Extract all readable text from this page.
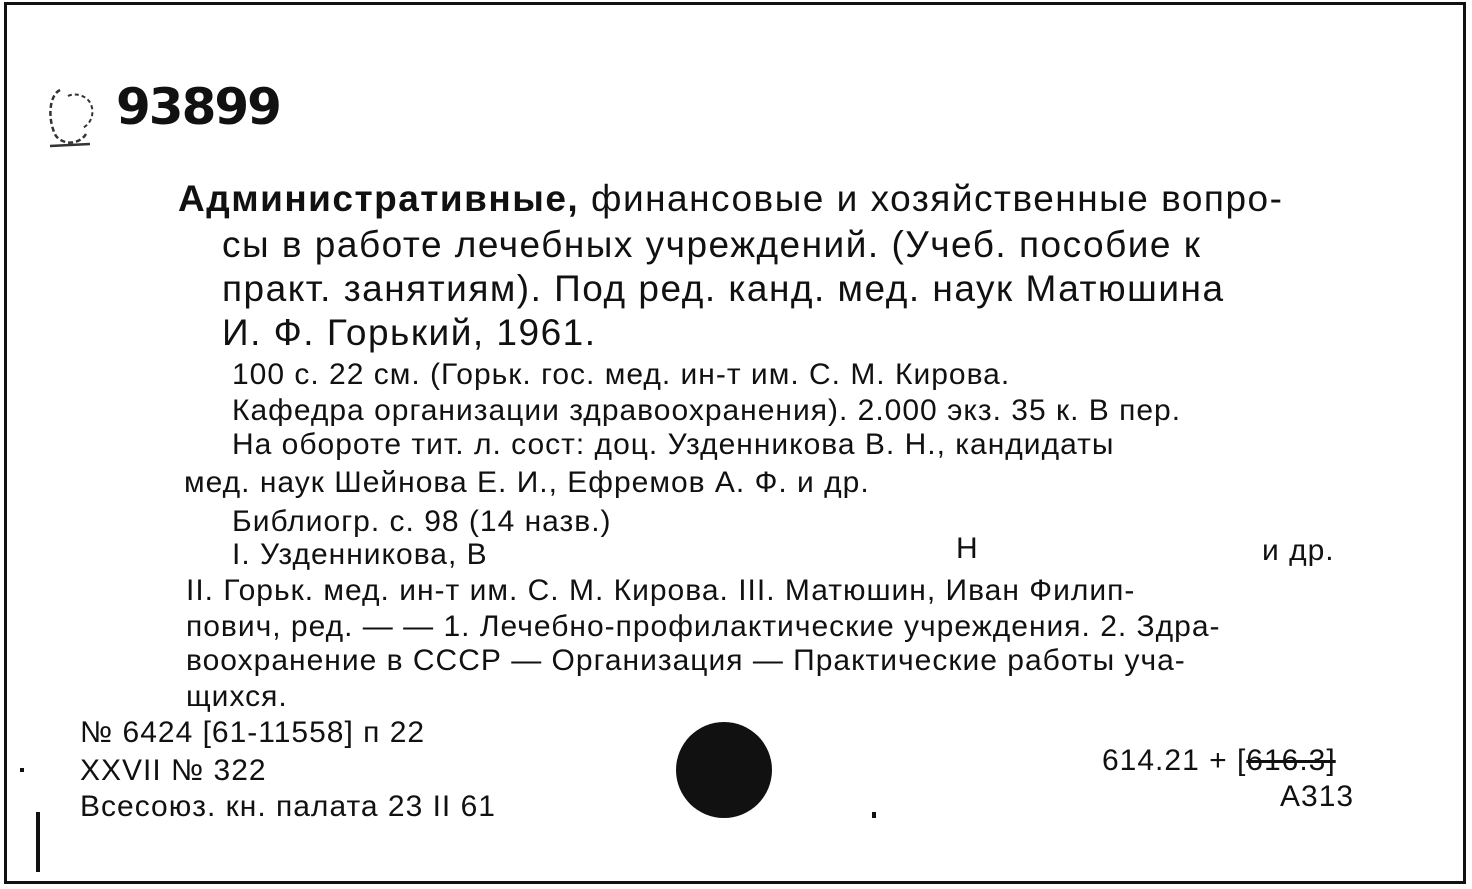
93899
Административные, финансовые и хозяйственные вопро-
сы в работе лечебных учреждений. (Учеб. пособие к
практ. занятиям). Под ред. канд. мед. наук Матюшина
И. Ф. Горький, 1961.
100 с. 22 см. (Горьк. гос. мед. ин-т им. С. М. Кирова.
Кафедра организации здравоохранения). 2.000 экз. 35 к. В пер.
На обороте тит. л. сост: доц. Узденникова В. Н., кандидаты
мед. наук Шейнова Е. И., Ефремов А. Ф. и др.
Библиогр. с. 98 (14 назв.)
I. Узденникова, В	Н	и др.
II. Горьк. мед. ин-т им. С. М. Кирова. III. Матюшин, Иван Филип-
пович, ред. — — 1. Лечебно-профилактические учреждения. 2. Здра-
воохранение в СССР — Организация — Практические работы уча-
щихся.
№ 6424 [61-11558] п 22
XXVII № 322
Всесоюз. кн. палата 23 II 61
614.21 + [616.3]
А313
